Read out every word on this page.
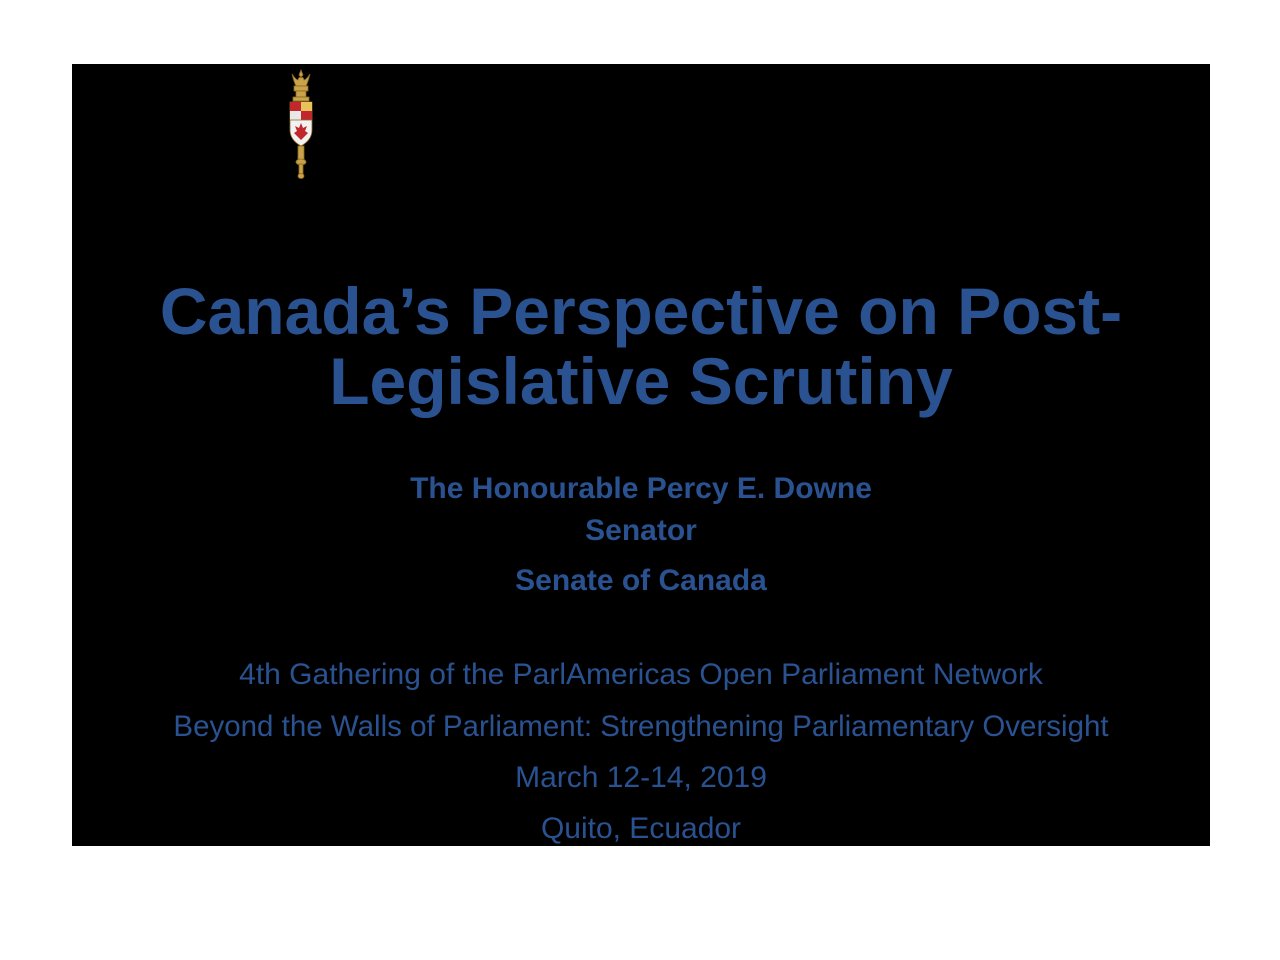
Canada’s Perspective on Post-
Legislative Scrutiny
The Honourable Percy E. Downe
Senator
Senate of Canada
4th Gathering of the ParlAmericas Open Parliament Network
Beyond the Walls of Parliament: Strengthening Parliamentary Oversight
March 12-14, 2019
Quito, Ecuador
